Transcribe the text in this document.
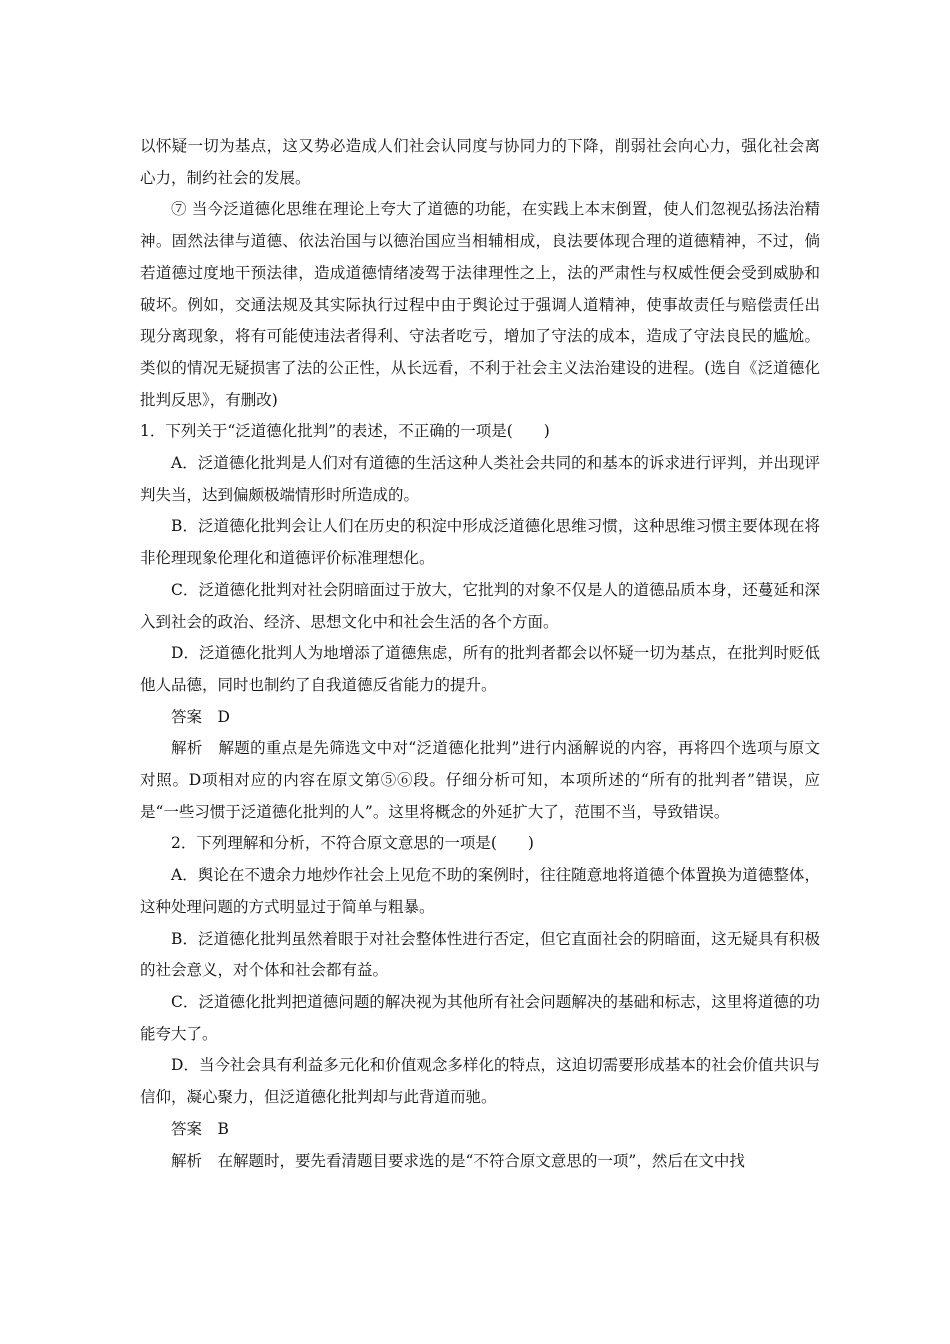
以怀疑一切为基点，这又势必造成人们社会认同度与协同力的下降，削弱社会向心力，强化社会离心力，制约社会的发展。

⑦ 当今泛道德化思维在理论上夸大了道德的功能，在实践上本末倒置，使人们忽视弘扬法治精神。固然法律与道德、依法治国与以德治国应当相辅相成，良法要体现合理的道德精神，不过，倘若道德过度地干预法律，造成道德情绪凌驾于法律理性之上，法的严肃性与权威性便会受到威胁和破坏。例如，交通法规及其实际执行过程中由于舆论过于强调人道精神，使事故责任与赔偿责任出现分离现象，将有可能使违法者得利、守法者吃亏，增加了守法的成本，造成了守法良民的尴尬。类似的情况无疑损害了法的公正性，从长远看，不利于社会主义法治建设的进程。(选自《泛道德化批判反思》，有删改)

1．下列关于“泛道德化批判”的表述，不正确的一项是(　　)

A．泛道德化批判是人们对有道德的生活这种人类社会共同的和基本的诉求进行评判，并出现评判失当，达到偏颇极端情形时所造成的。

B．泛道德化批判会让人们在历史的积淀中形成泛道德化思维习惯，这种思维习惯主要体现在将非伦理现象伦理化和道德评价标准理想化。

C．泛道德化批判对社会阴暗面过于放大，它批判的对象不仅是人的道德品质本身，还蔓延和深入到社会的政治、经济、思想文化中和社会生活的各个方面。

D．泛道德化批判人为地增添了道德焦虑，所有的批判者都会以怀疑一切为基点，在批判时贬低他人品德，同时也制约了自我道德反省能力的提升。

答案　D

解析　解题的重点是先筛选文中对“泛道德化批判”进行内涵解说的内容，再将四个选项与原文对照。D项相对应的内容在原文第⑤⑥段。仔细分析可知，本项所述的“所有的批判者”错误，应是“一些习惯于泛道德化批判的人”。这里将概念的外延扩大了，范围不当，导致错误。

2．下列理解和分析，不符合原文意思的一项是(　　)

A．舆论在不遗余力地炒作社会上见危不助的案例时，往往随意地将道德个体置换为道德整体，这种处理问题的方式明显过于简单与粗暴。

B．泛道德化批判虽然着眼于对社会整体性进行否定，但它直面社会的阴暗面，这无疑具有积极的社会意义，对个体和社会都有益。

C．泛道德化批判把道德问题的解决视为其他所有社会问题解决的基础和标志，这里将道德的功能夸大了。

D．当今社会具有利益多元化和价值观念多样化的特点，这迫切需要形成基本的社会价值共识与信仰，凝心聚力，但泛道德化批判却与此背道而驰。

答案　B

解析　在解题时，要先看清题目要求选的是“不符合原文意思的一项”，然后在文中找
